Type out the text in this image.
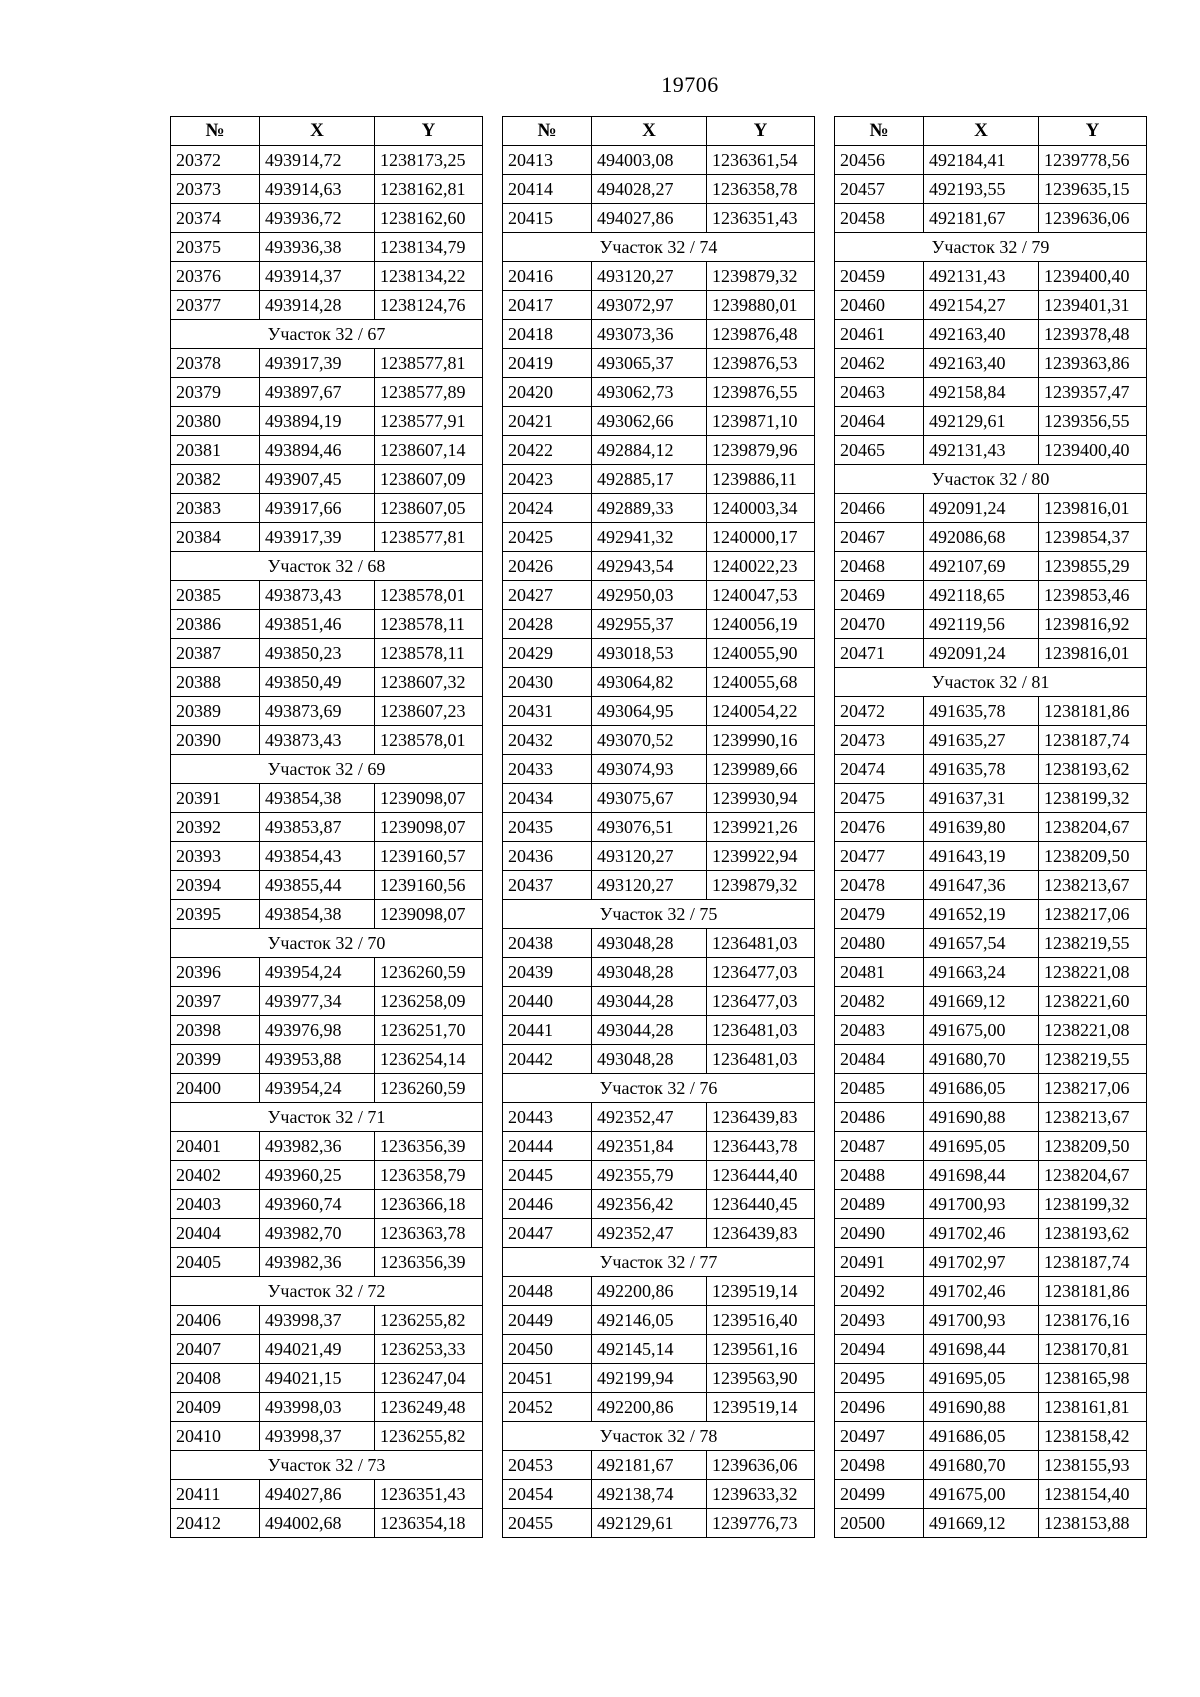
19706
№	X	Y
20372	493914,72	1238173,25
20373	493914,63	1238162,81
20374	493936,72	1238162,60
20375	493936,38	1238134,79
20376	493914,37	1238134,22
20377	493914,28	1238124,76
Участок 32 / 67		
20378	493917,39	1238577,81
20379	493897,67	1238577,89
20380	493894,19	1238577,91
20381	493894,46	1238607,14
20382	493907,45	1238607,09
20383	493917,66	1238607,05
20384	493917,39	1238577,81
Участок 32 / 68		
20385	493873,43	1238578,01
20386	493851,46	1238578,11
20387	493850,23	1238578,11
20388	493850,49	1238607,32
20389	493873,69	1238607,23
20390	493873,43	1238578,01
Участок 32 / 69		
20391	493854,38	1239098,07
20392	493853,87	1239098,07
20393	493854,43	1239160,57
20394	493855,44	1239160,56
20395	493854,38	1239098,07
Участок 32 / 70		
20396	493954,24	1236260,59
20397	493977,34	1236258,09
20398	493976,98	1236251,70
20399	493953,88	1236254,14
20400	493954,24	1236260,59
Участок 32 / 71		
20401	493982,36	1236356,39
20402	493960,25	1236358,79
20403	493960,74	1236366,18
20404	493982,70	1236363,78
20405	493982,36	1236356,39
Участок 32 / 72		
20406	493998,37	1236255,82
20407	494021,49	1236253,33
20408	494021,15	1236247,04
20409	493998,03	1236249,48
20410	493998,37	1236255,82
Участок 32 / 73		
20411	494027,86	1236351,43
20412	494002,68	1236354,18
№	X	Y
20413	494003,08	1236361,54
20414	494028,27	1236358,78
20415	494027,86	1236351,43
Участок 32 / 74		
20416	493120,27	1239879,32
20417	493072,97	1239880,01
20418	493073,36	1239876,48
20419	493065,37	1239876,53
20420	493062,73	1239876,55
20421	493062,66	1239871,10
20422	492884,12	1239879,96
20423	492885,17	1239886,11
20424	492889,33	1240003,34
20425	492941,32	1240000,17
20426	492943,54	1240022,23
20427	492950,03	1240047,53
20428	492955,37	1240056,19
20429	493018,53	1240055,90
20430	493064,82	1240055,68
20431	493064,95	1240054,22
20432	493070,52	1239990,16
20433	493074,93	1239989,66
20434	493075,67	1239930,94
20435	493076,51	1239921,26
20436	493120,27	1239922,94
20437	493120,27	1239879,32
Участок 32 / 75		
20438	493048,28	1236481,03
20439	493048,28	1236477,03
20440	493044,28	1236477,03
20441	493044,28	1236481,03
20442	493048,28	1236481,03
Участок 32 / 76		
20443	492352,47	1236439,83
20444	492351,84	1236443,78
20445	492355,79	1236444,40
20446	492356,42	1236440,45
20447	492352,47	1236439,83
Участок 32 / 77		
20448	492200,86	1239519,14
20449	492146,05	1239516,40
20450	492145,14	1239561,16
20451	492199,94	1239563,90
20452	492200,86	1239519,14
Участок 32 / 78		
20453	492181,67	1239636,06
20454	492138,74	1239633,32
20455	492129,61	1239776,73
№	X	Y
20456	492184,41	1239778,56
20457	492193,55	1239635,15
20458	492181,67	1239636,06
Участок 32 / 79		
20459	492131,43	1239400,40
20460	492154,27	1239401,31
20461	492163,40	1239378,48
20462	492163,40	1239363,86
20463	492158,84	1239357,47
20464	492129,61	1239356,55
20465	492131,43	1239400,40
Участок 32 / 80		
20466	492091,24	1239816,01
20467	492086,68	1239854,37
20468	492107,69	1239855,29
20469	492118,65	1239853,46
20470	492119,56	1239816,92
20471	492091,24	1239816,01
Участок 32 / 81		
20472	491635,78	1238181,86
20473	491635,27	1238187,74
20474	491635,78	1238193,62
20475	491637,31	1238199,32
20476	491639,80	1238204,67
20477	491643,19	1238209,50
20478	491647,36	1238213,67
20479	491652,19	1238217,06
20480	491657,54	1238219,55
20481	491663,24	1238221,08
20482	491669,12	1238221,60
20483	491675,00	1238221,08
20484	491680,70	1238219,55
20485	491686,05	1238217,06
20486	491690,88	1238213,67
20487	491695,05	1238209,50
20488	491698,44	1238204,67
20489	491700,93	1238199,32
20490	491702,46	1238193,62
20491	491702,97	1238187,74
20492	491702,46	1238181,86
20493	491700,93	1238176,16
20494	491698,44	1238170,81
20495	491695,05	1238165,98
20496	491690,88	1238161,81
20497	491686,05	1238158,42
20498	491680,70	1238155,93
20499	491675,00	1238154,40
20500	491669,12	1238153,88
